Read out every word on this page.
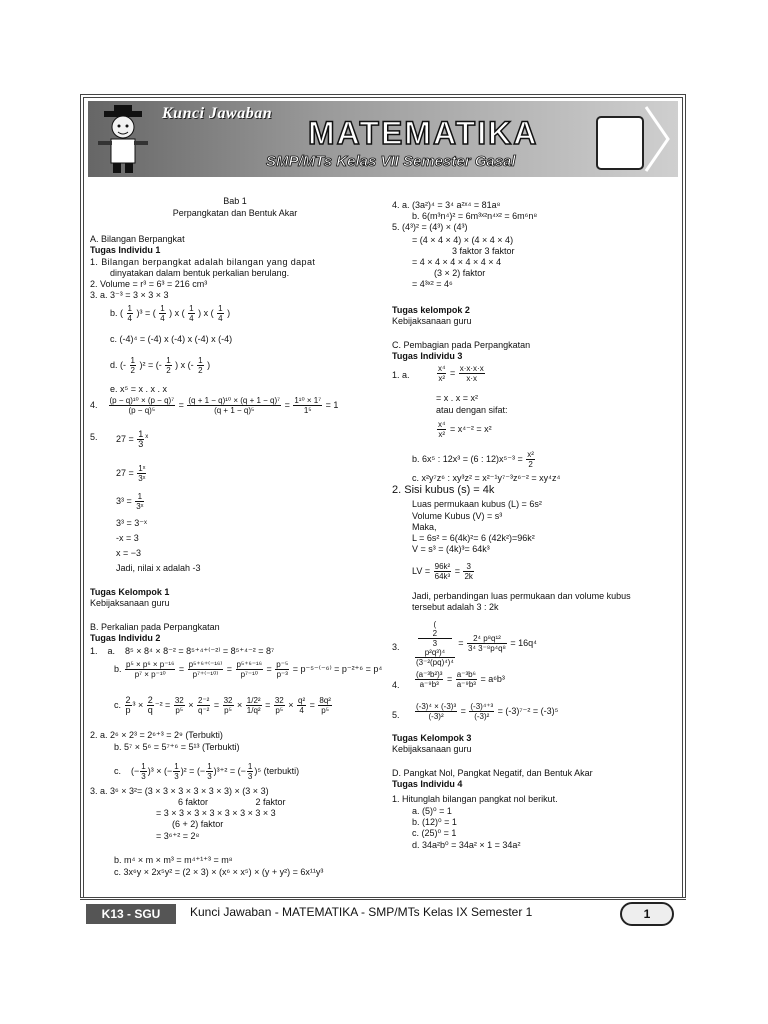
Kunci Jawaban
MATEMATIKA
SMP/MTs Kelas VII Semester Gasal
Bab 1
Perpangkatan dan Bentuk Akar
A. Bilangan Berpangkat
Tugas Individu 1
1. Bilangan berpangkat adalah bilangan yang dapat
dinyatakan dalam bentuk perkalian berulang.
2. Volume = r³ = 6³ = 216 cm³
3. a. 3⁻³ = 3 × 3 × 3
b. ( $\frac{1}{4} )^3$ = ( $\frac{1}{4}$ ) x ( $\frac{1}{4}$ ) x ( $\frac{1}{4}$ )
c. (-4)⁴ = (-4) x (-4) x (-4) x (-4)
d. (- $\frac{1}{2} )^2$ = (- $\frac{1}{2}$ ) x (- $\frac{1}{2}$ )
e. x⁵ = x . x . x
4. $\frac{\text{(p − q)¹⁰ × (p − q)⁷}}{\text{(p − q)⁵}} = \frac{\text{(q + 1 − q)¹⁰ × (q + 1 − q)⁷}}{\text{(q + 1 − q)⁵}} = \frac{\text{1¹⁰ × 1⁷}}{\text{1⁵}} = 1$
5. $27 = \frac{1}{3} ^x$
$27 = \frac{\text{1ˣ}}{\text{3ˣ}}$
$3^3 = \frac{1}{\text{3ˣ}}$
3³ = 3⁻ˣ
-x = 3
x = −3
Jadi, nilai x adalah -3
Tugas Kelompok 1
Kebijaksanaan guru
B. Perkalian pada Perpangkatan
Tugas Individu 2
1.    a.    8⁵ × 8⁴ × 8⁻² = 8⁵⁺⁴⁺⁽⁻²⁾ = 8⁵⁺⁴⁻² = 8⁷
b. $\frac{\text{p⁵ × p⁶ × p⁻¹⁶}}{\text{p⁷ × p⁻¹⁰}} = \frac{\text{p⁵⁺⁶⁺⁽⁻¹⁶⁾}}{\text{p⁷⁺⁽⁻¹⁰⁾}} = \frac{\text{p⁵⁺⁶⁻¹⁶}}{\text{p⁷⁻¹⁰}} = \frac{\text{p⁻⁵}}{\text{p⁻³}} = p^{-5-(-6)} = p^{-2+6} = p^4$
c. $\frac{2}{p} ^3 \times \frac{2}{q} ^{-2} = \frac{32}{\text{p⁵}} \times \frac{\text{2⁻²}}{\text{q⁻²}} = \frac{32}{\text{p⁵}} \times \frac{\text{1/2²}}{\text{1/q²}} = \frac{32}{\text{p⁵}} \times \frac{\text{q²}}{4} = \frac{\text{8q²}}{\text{p⁵}}$
2. a. 2⁶ × 2³ = 2⁶⁺³ = 2⁹ (Terbukti)
b. 5⁷ × 5⁶ = 5⁷⁺⁶ = 5¹³ (Terbukti)
c.    (− $\frac{1}{3} )^3$ × (− $\frac{1}{3} )^2$ = (− $\frac{1}{3} )^{3+2}$ = (− $\frac{1}{3} )^5$ (terbukti)
3. a. 3⁶ × 3²= (3 × 3 × 3 × 3 × 3 × 3) × (3 × 3)
6 faktor                   2 faktor
= 3 × 3 × 3 × 3 × 3 × 3 × 3 × 3
(6 + 2) faktor
= 3⁶⁺² = 2⁸
b. m⁴ × m × m³ = m⁴⁺¹⁺³ = m⁸
c. 3x⁶y × 2x⁵y² = (2 × 3) × (x⁶ × x⁵) × (y + y²) = 6x¹¹y³
4. a. (3a²)⁴ = 3⁴ a²ˣ⁴ = 81a⁸
b. 6(m³n⁴)² = 6m³ˣ²n⁴ˣ² = 6m⁶n⁸
5. (4³)² = (4³) × (4³)
= (4 × 4 × 4) × (4 × 4 × 4)
3 faktor 3 faktor
= 4 × 4 × 4 × 4 × 4 × 4
(3 × 2) faktor
= 4³ˣ² = 4⁶
Tugas kelompok 2
Kebijaksanaan guru
C. Pembagian pada Perpangkatan
Tugas Individu 3
1. a.	$\frac{\text{x⁴}}{\text{x²}} = \frac{x\cdot x\cdot x\cdot x}{x\cdot x}$
= x . x = x²
atau dengan sifat:
$\frac{\text{x⁴}}{\text{x²}} = x^{4-2} = x^2$
b. 6x⁵ : 12x³ = (6 : $12)x^{5-3} = \frac{\text{x²}}{2}$
c. x²y⁷z⁶ : xy³z² = x²⁻¹y⁷⁻³z⁶⁻² = xy⁴z⁴
2. Sisi kubus (s) = 4k
Luas permukaan kubus (L) = 6s²
Volume Kubus (V) = s³
Maka,
L = 6s² = 6(4k)²= 6 (42k²)=96k²
V = s³ = (4k)³= 64k³
LV = $\frac{\text{96k²}}{\text{64k³}} = \frac{3}{2k}$
Jadi, perbandingan luas permukaan dan volume kubus
tersebut adalah 3 : 2k
3. (
2
3
p²q³)⁴
$(3^{-2}(pq)^4)^4 = \frac{\text{2⁴ p⁸q¹²}}{\text{3⁴ 3⁻⁸p⁴q⁸}} = 16q^4$
4. $\frac{\text{(a⁻³b²)³}}{\text{a⁻⁹b³}} = \frac{\text{a⁻³b⁶}}{\text{a⁻⁹b³}} = a^6b^3$
5. $\frac{\text{(-3)⁴ × (-3)³}}{\text{(-3)²}} = \frac{\text{(-3)⁴⁺³}}{\text{(-3)²}} = (-3)^{7-2} = (-3)^5$
Tugas Kelompok 3
Kebijaksanaan guru
D. Pangkat Nol, Pangkat Negatif, dan Bentuk Akar
Tugas Individu 4
1. Hitunglah bilangan pangkat nol berikut.
a. (5)⁰ = 1
b. (12)⁰ = 1
c. (25)⁰ = 1
d. 34a²b⁰ = 34a² × 1 = 34a²
K13 - SGU	Kunci Jawaban - MATEMATIKA - SMP/MTs Kelas IX Semester 1	1
